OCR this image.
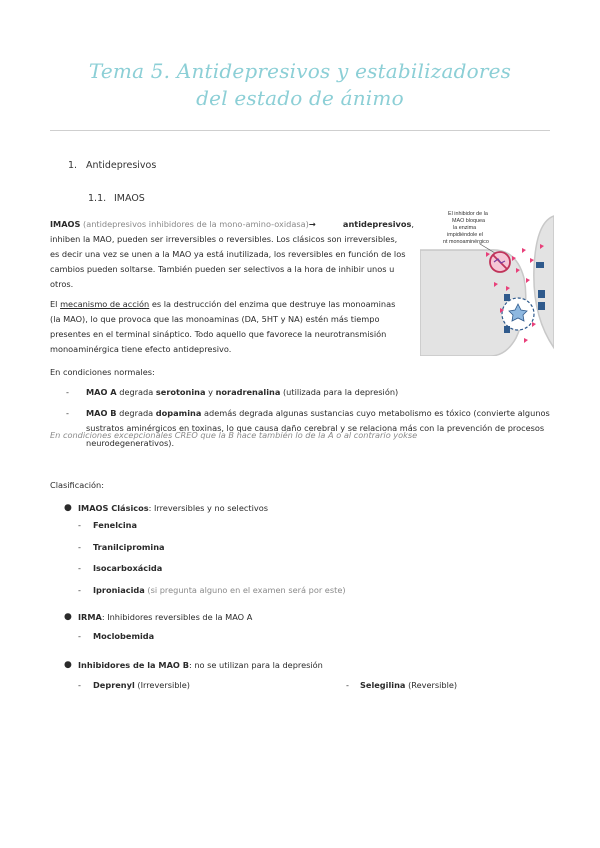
Tema 5. Antidepresivos y estabilizadores
del estado de ánimo
1. Antidepresivos
1.1. IMAOS
El inhibidor de la
MAO bloquea
la enzima
impidiéndole el
nt monoaminérgico
IMAOS (antidepresivos inhibidores de la mono-amino-oxidasa)→	antidepresivos,
inhiben la MAO, pueden ser irreversibles o reversibles. Los clásicos son irreversibles,
es decir una vez se unen a la MAO ya está inutilizada, los reversibles en función de los
cambios pueden soltarse. También pueden ser selectivos a la hora de inhibir unos u
otros.
El mecanismo de acción es la destrucción del enzima que destruye las monoaminas
(la MAO), lo que provoca que las monoaminas (DA, 5HT y NA) estén más tiempo
presentes en el terminal sináptico. Todo aquello que favorece la neurotransmisión
monoaminérgica tiene efecto antidepresivo.
En condiciones normales:
- MAO A degrada serotonina y noradrenalina (utilizada para la depresión)
- MAO B degrada dopamina además degrada algunas sustancias cuyo metabolismo es tóxico (convierte algunos
sustratos aminérgicos en toxinas, lo que causa daño cerebral y se relaciona más con la prevención de procesos
neurodegenerativos).
En condiciones excepcionales CREO que la B hace también lo de la A o al contrario yokse
Clasificación:
● IMAOS Clásicos: Irreversibles y no selectivos
- Fenelcina
- Tranilcipromina
- Isocarboxácida
- Iproniacida (si pregunta alguno en el examen será por este)
● IRMA: Inhibidores reversibles de la MAO A
- Moclobemida
● Inhibidores de la MAO B: no se utilizan para la depresión
- Deprenyl (Irreversible)	- Selegilina (Reversible)
